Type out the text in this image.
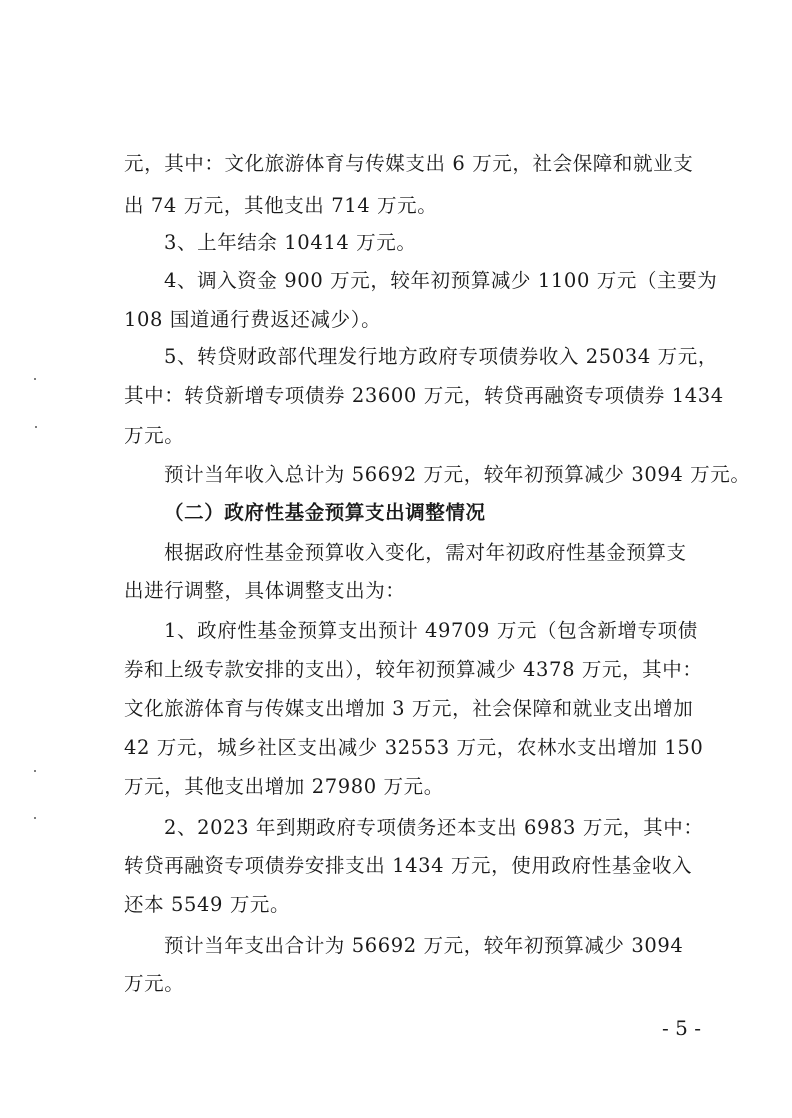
元，其中：文化旅游体育与传媒支出 6 万元，社会保障和就业支
出 74 万元，其他支出 714 万元。
3、上年结余 10414 万元。
4、调入资金 900 万元，较年初预算减少 1100 万元（主要为
108 国道通行费返还减少）。
5、转贷财政部代理发行地方政府专项债券收入 25034 万元，
其中：转贷新增专项债券 23600 万元，转贷再融资专项债券 1434
万元。
预计当年收入总计为 56692 万元，较年初预算减少 3094 万元。
（二）政府性基金预算支出调整情况
根据政府性基金预算收入变化，需对年初政府性基金预算支
出进行调整，具体调整支出为：
1、政府性基金预算支出预计 49709 万元（包含新增专项债
券和上级专款安排的支出），较年初预算减少 4378 万元，其中：
文化旅游体育与传媒支出增加 3 万元，社会保障和就业支出增加
42 万元，城乡社区支出减少 32553 万元，农林水支出增加 150
万元，其他支出增加 27980 万元。
2、2023 年到期政府专项债务还本支出 6983 万元，其中：
转贷再融资专项债券安排支出 1434 万元，使用政府性基金收入
还本 5549 万元。
预计当年支出合计为 56692 万元，较年初预算减少 3094
万元。
- 5 -
